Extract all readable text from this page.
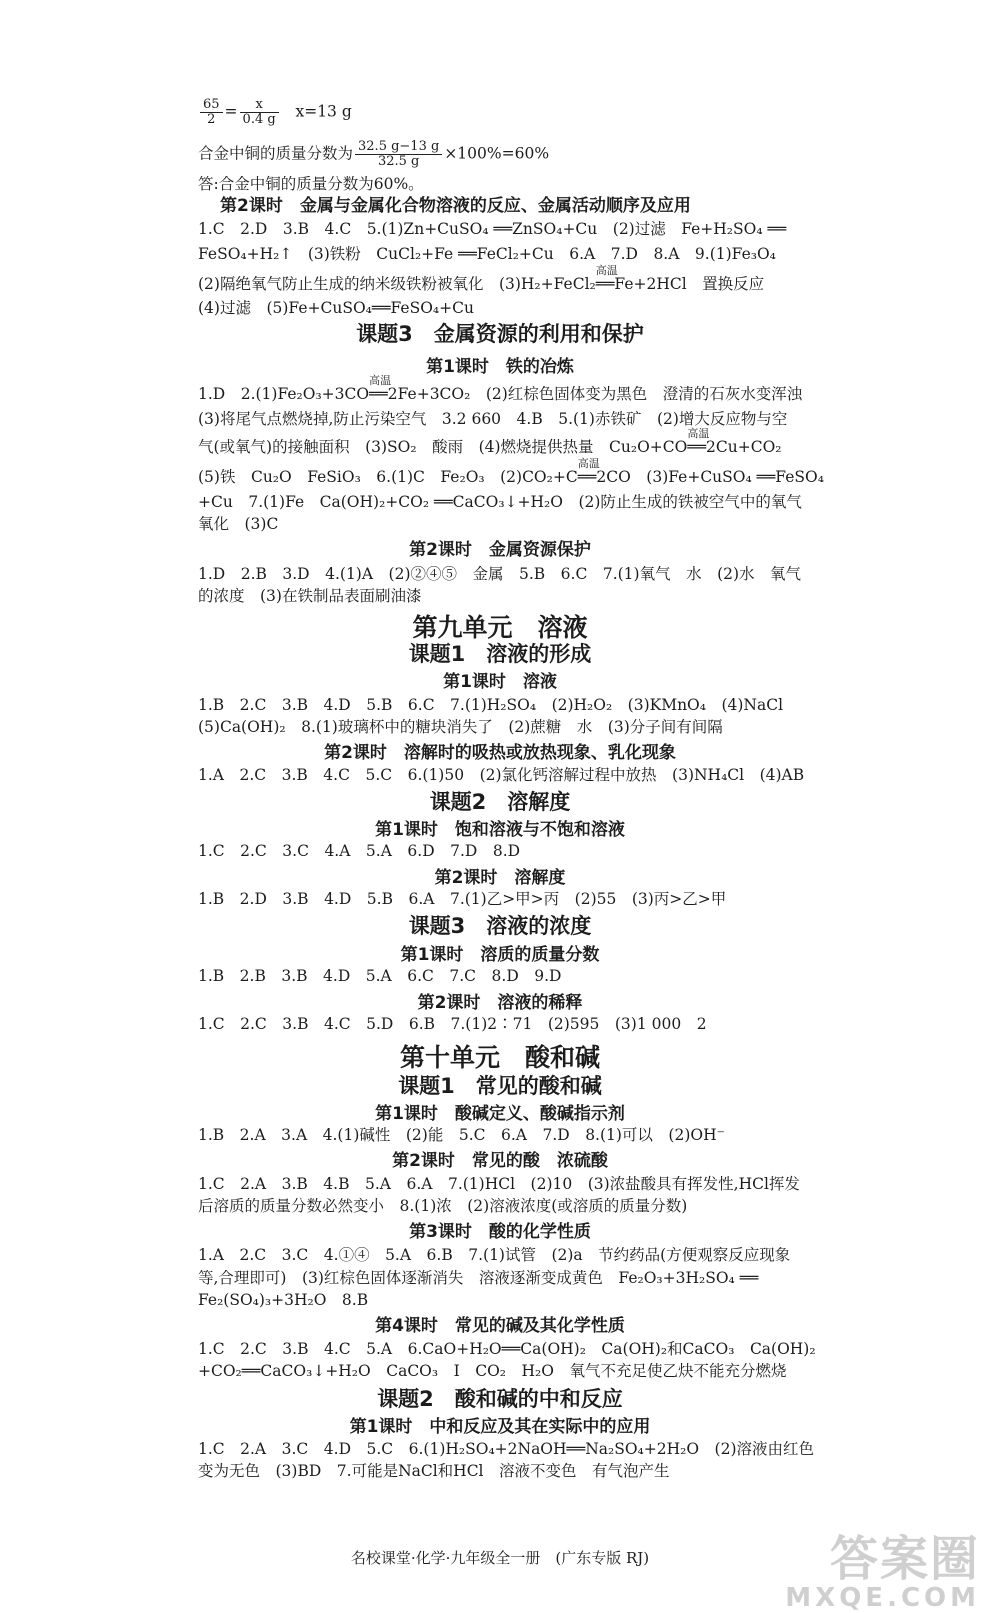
$\frac{65}{2} = \frac{x}{0.4 g} x=13$ g
合金中铜的质量分数为 $\frac{32.5 g-13 g}{32.5 g} \times 100\%=60\%$
答:合金中铜的质量分数为60%。
第2课时　金属与金属化合物溶液的反应、金属活动顺序及应用
1.C　2.D　3.B　4.C　5.(1)Zn+CuSO₄ ══ZnSO₄+Cu　(2)过滤　Fe+H₂SO₄ ══
FeSO₄+H₂↑　(3)铁粉　CuCl₂+Fe ══FeCl₂+Cu　6.A　7.D　8.A　9.(1)Fe₃O₄
(2)隔绝氧气防止生成的纳米级铁粉被氧化　(3)H₂+FeCl₂
高温
══Fe+2HCl　置换反应
(4)过滤　(5)Fe+CuSO₄══FeSO₄+Cu
课题3　金属资源的利用和保护
第1课时　铁的冶炼
1.D　2.(1)Fe₂O₃+3CO
高温
══2Fe+3CO₂　(2)红棕色固体变为黑色　澄清的石灰水变浑浊
(3)将尾气点燃烧掉,防止污染空气　3.2 660　4.B　5.(1)赤铁矿　(2)增大反应物与空
气(或氧气)的接触面积　(3)SO₂　酸雨　(4)燃烧提供热量　Cu₂O+CO
高温
══2Cu+CO₂
(5)铁　Cu₂O　FeSiO₃　6.(1)C　Fe₂O₃　(2)CO₂+C
高温
══2CO　(3)Fe+CuSO₄ ══FeSO₄
+Cu　7.(1)Fe　Ca(OH)₂+CO₂ ══CaCO₃↓+H₂O　(2)防止生成的铁被空气中的氧气
氧化　(3)C
第2课时　金属资源保护
1.D　2.B　3.D　4.(1)A　(2)②④⑤　金属　5.B　6.C　7.(1)氧气　水　(2)水　氧气
的浓度　(3)在铁制品表面刷油漆
第九单元　溶液
课题1　溶液的形成
第1课时　溶液
1.B　2.C　3.B　4.D　5.B　6.C　7.(1)H₂SO₄　(2)H₂O₂　(3)KMnO₄　(4)NaCl
(5)Ca(OH)₂　8.(1)玻璃杯中的糖块消失了　(2)蔗糖　水　(3)分子间有间隔
第2课时　溶解时的吸热或放热现象、乳化现象
1.A　2.C　3.B　4.C　5.C　6.(1)50　(2)氯化钙溶解过程中放热　(3)NH₄Cl　(4)AB
课题2　溶解度
第1课时　饱和溶液与不饱和溶液
1.C　2.C　3.C　4.A　5.A　6.D　7.D　8.D
第2课时　溶解度
1.B　2.D　3.B　4.D　5.B　6.A　7.(1)乙>甲>丙　(2)55　(3)丙>乙>甲
课题3　溶液的浓度
第1课时　溶质的质量分数
1.B　2.B　3.B　4.D　5.A　6.C　7.C　8.D　9.D
第2课时　溶液的稀释
1.C　2.C　3.B　4.C　5.D　6.B　7.(1)2∶71　(2)595　(3)1 000　2
第十单元　酸和碱
课题1　常见的酸和碱
第1课时　酸碱定义、酸碱指示剂
1.B　2.A　3.A　4.(1)碱性　(2)能　5.C　6.A　7.D　8.(1)可以　(2)OH⁻
第2课时　常见的酸　浓硫酸
1.C　2.A　3.B　4.B　5.A　6.A　7.(1)HCl　(2)10　(3)浓盐酸具有挥发性,HCl挥发
后溶质的质量分数必然变小　8.(1)浓　(2)溶液浓度(或溶质的质量分数)
第3课时　酸的化学性质
1.A　2.C　3.C　4.①④　5.A　6.B　7.(1)试管　(2)a　节约药品(方便观察反应现象
等,合理即可)　(3)红棕色固体逐渐消失　溶液逐渐变成黄色　Fe₂O₃+3H₂SO₄ ══
Fe₂(SO₄)₃+3H₂O　8.B
第4课时　常见的碱及其化学性质
1.C　2.C　3.B　4.C　5.A　6.CaO+H₂O══Ca(OH)₂　Ca(OH)₂和CaCO₃　Ca(OH)₂
+CO₂══CaCO₃↓+H₂O　CaCO₃　Ⅰ　CO₂　H₂O　氧气不充足使乙炔不能充分燃烧
课题2　酸和碱的中和反应
第1课时　中和反应及其在实际中的应用
1.C　2.A　3.C　4.D　5.C　6.(1)H₂SO₄+2NaOH══Na₂SO₄+2H₂O　(2)溶液由红色
变为无色　(3)BD　7.可能是NaCl和HCl　溶液不变色　有气泡产生
名校课堂·化学·九年级全一册　(广东专版 RJ)	答案圈
MXQE.COM
